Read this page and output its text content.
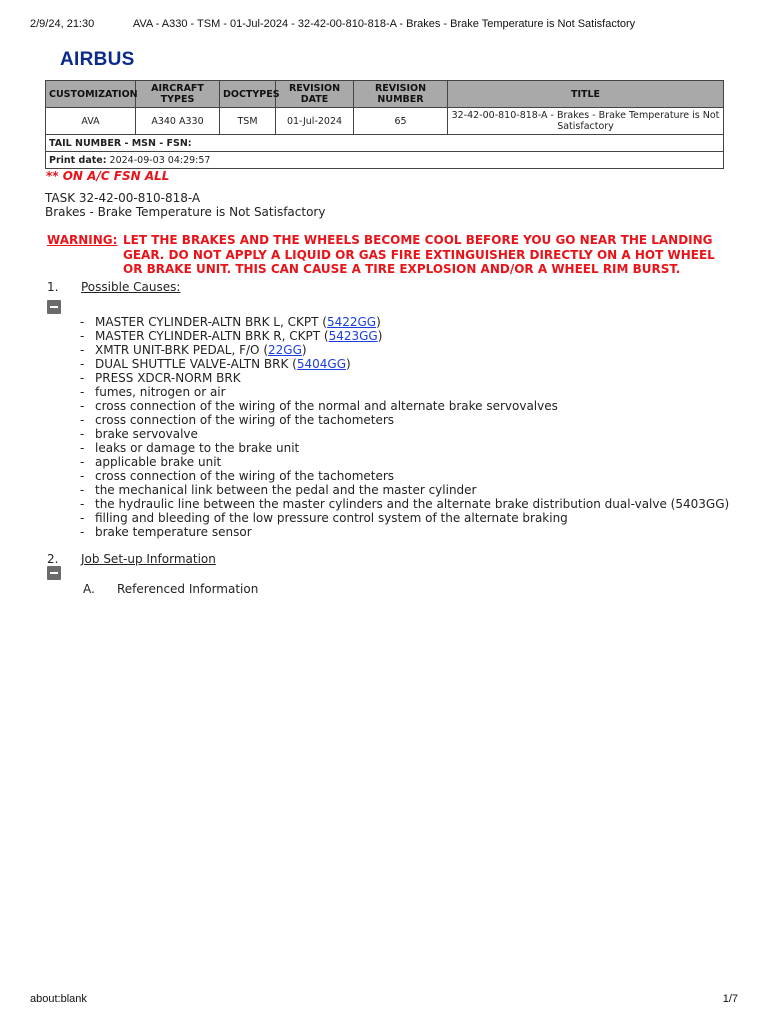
2/9/24, 21:30	AVA - A330 - TSM - 01-Jul-2024 - 32-42-00-810-818-A - Brakes - Brake Temperature is Not Satisfactory
AIRBUS
CUSTOMIZATION	AIRCRAFT TYPES	DOCTYPES	REVISION DATE	REVISION NUMBER	TITLE
AVA	A340 A330	TSM	01-Jul-2024	65	32-42-00-810-818-A - Brakes - Brake Temperature is Not Satisfactory
TAIL NUMBER - MSN - FSN:					
Print date: 2024-09-03 04:29:57					
** ON A/C FSN ALL
TASK 32-42-00-810-818-A
Brakes - Brake Temperature is Not Satisfactory
WARNING: LET THE BRAKES AND THE WHEELS BECOME COOL BEFORE YOU GO NEAR THE LANDING GEAR. DO NOT APPLY A LIQUID OR GAS FIRE EXTINGUISHER DIRECTLY ON A HOT WHEEL OR BRAKE UNIT. THIS CAN CAUSE A TIRE EXPLOSION AND/OR A WHEEL RIM BURST.
1. Possible Causes:
- MASTER CYLINDER-ALTN BRK L, CKPT (5422GG)
- MASTER CYLINDER-ALTN BRK R, CKPT (5423GG)
- XMTR UNIT-BRK PEDAL, F/O (22GG)
- DUAL SHUTTLE VALVE-ALTN BRK (5404GG)
- PRESS XDCR-NORM BRK
- fumes, nitrogen or air
- cross connection of the wiring of the normal and alternate brake servovalves
- cross connection of the wiring of the tachometers
- brake servovalve
- leaks or damage to the brake unit
- applicable brake unit
- cross connection of the wiring of the tachometers
- the mechanical link between the pedal and the master cylinder
- the hydraulic line between the master cylinders and the alternate brake distribution dual-valve (5403GG)
- filling and bleeding of the low pressure control system of the alternate braking
- brake temperature sensor
2. Job Set-up Information
A. Referenced Information
about:blank	1/7
